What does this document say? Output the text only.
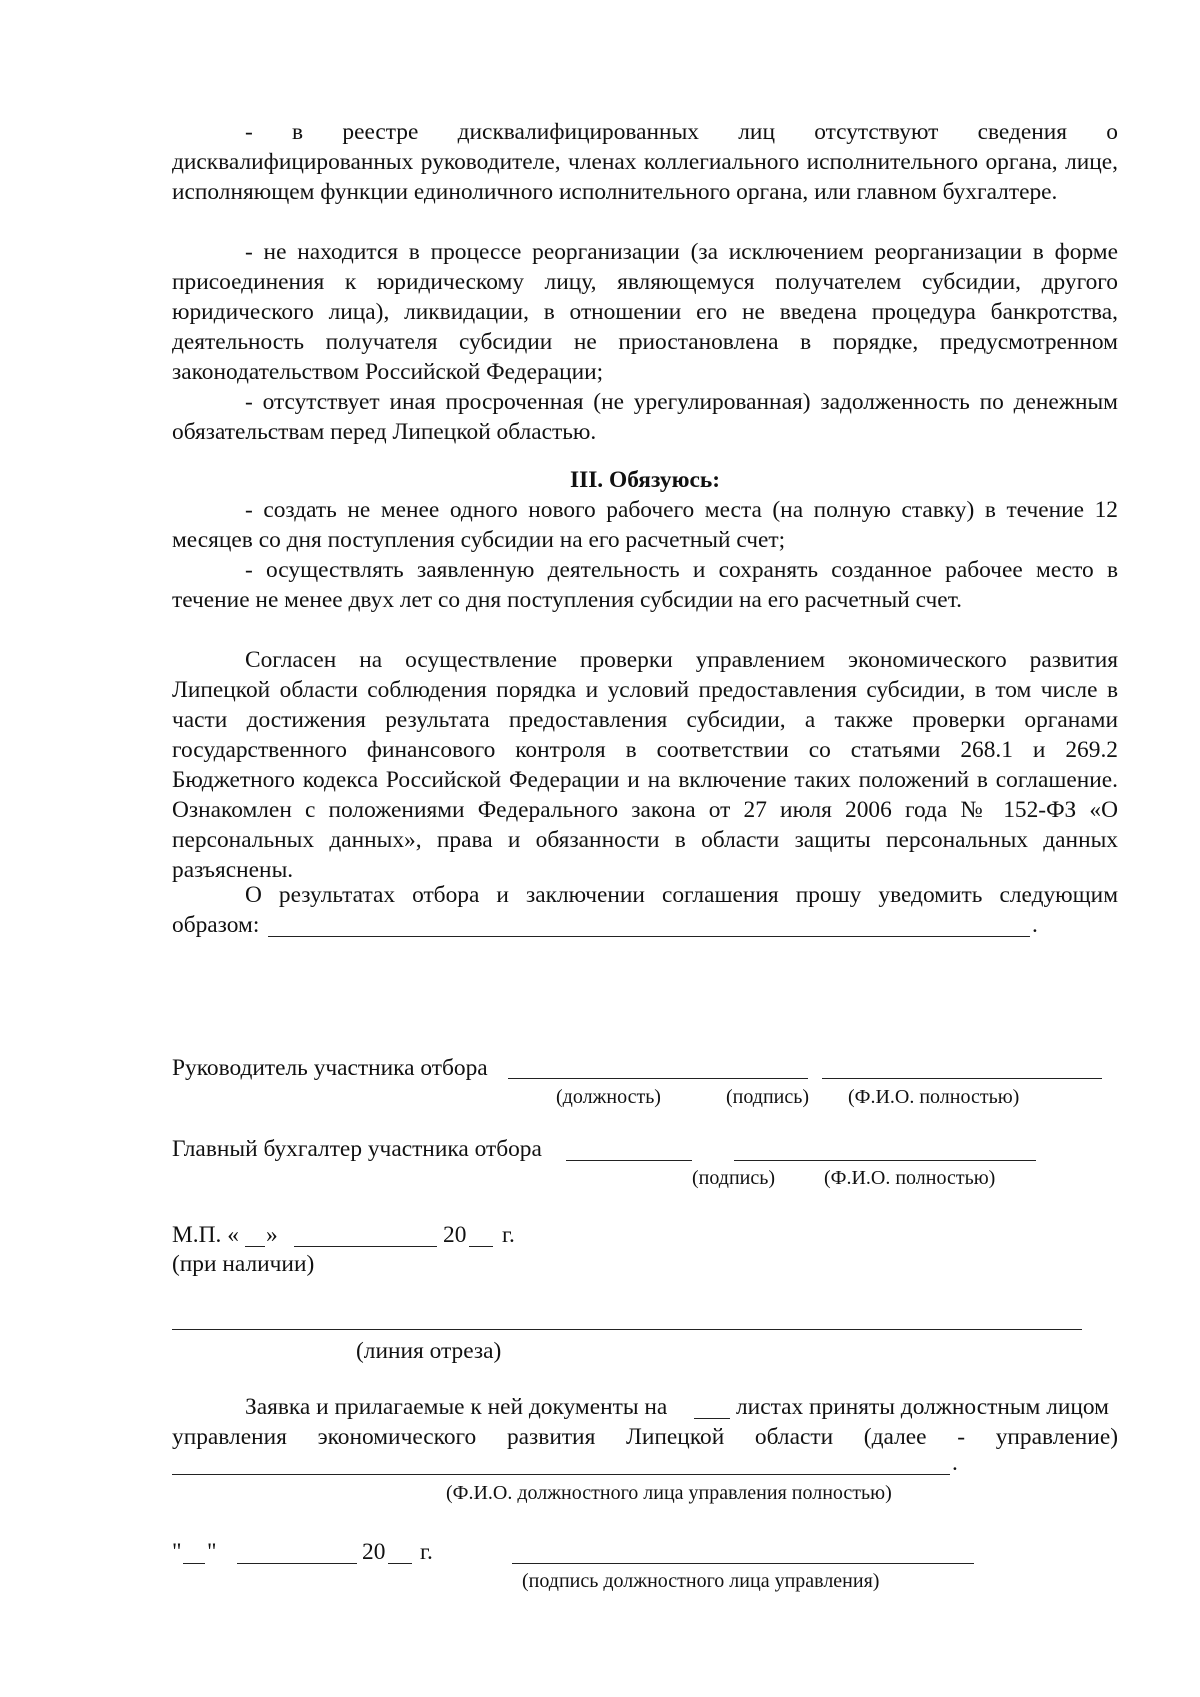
- в реестре дисквалифицированных лиц отсутствуют сведения о дисквалифицированных руководителе, членах коллегиального исполнительного органа, лице, исполняющем функции единоличного исполнительного органа, или главном бухгалтере.

- не находится в процессе реорганизации (за исключением реорганизации в форме присоединения к юридическому лицу, являющемуся получателем субсидии, другого юридического лица), ликвидации, в отношении его не введена процедура банкротства, деятельность получателя субсидии не приостановлена в порядке, предусмотренном законодательством Российской Федерации;

- отсутствует иная просроченная (не урегулированная) задолженность по денежным обязательствам перед Липецкой областью.

III. Обязуюсь:

- создать не менее одного нового рабочего места (на полную ставку) в течение 12 месяцев со дня поступления субсидии на его расчетный счет;

- осуществлять заявленную деятельность и сохранять созданное рабочее место в течение не менее двух лет со дня поступления субсидии на его расчетный счет.

Согласен на осуществление проверки управлением экономического развития Липецкой области соблюдения порядка и условий предоставления субсидии, в том числе в части достижения результата предоставления субсидии, а также проверки органами государственного финансового контроля в соответствии со статьями 268.1 и 269.2 Бюджетного кодекса Российской Федерации и на включение таких положений в соглашение. Ознакомлен с положениями Федерального закона от 27 июля 2006 года № 152-ФЗ «О персональных данных», права и обязанности в области защиты персональных данных разъяснены.

О результатах отбора и заключении соглашения прошу уведомить следующим
образом:	.
Руководитель участника отбора
(должность)	(подпись) (Ф.И.О. полностью)
Главный бухгалтер участника отбора
(подпись) (Ф.И.О. полностью)
М.П. « »	20 г.
(при наличии)
(линия отреза)
Заявка и прилагаемые к ней документы на	листах приняты должностным лицом
управления экономического развития Липецкой области (далее - управление)
.
(Ф.И.О. должностного лица управления полностью)
" "	20 г.
(подпись должностного лица управления)
